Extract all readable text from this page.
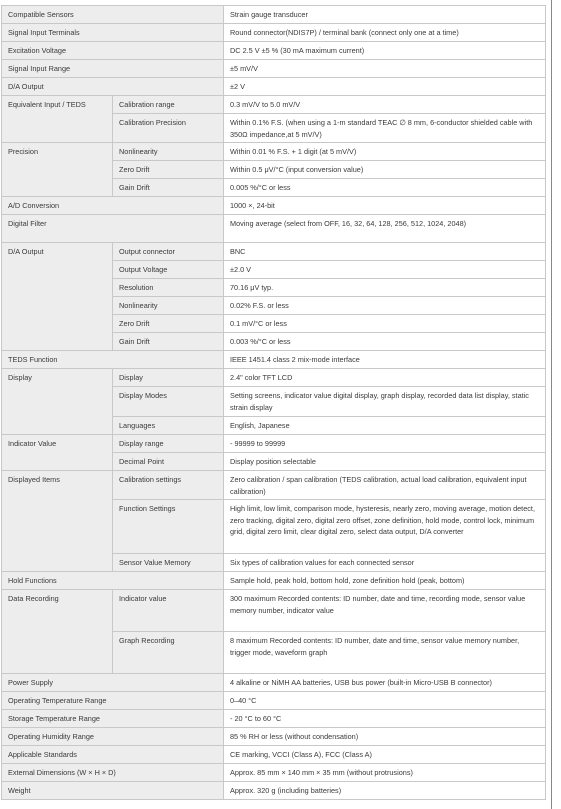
Compatible Sensors		Strain gauge transducer
Signal Input Terminals		Round connector(NDIS7P) / terminal bank (connect only one at a time)
Excitation Voltage		DC 2.5 V ±5 % (30 mA maximum current)
Signal Input Range		±5 mV/V
D/A Output		±2 V
Equivalent Input / TEDS	Calibration range	0.3 mV/V to 5.0 mV/V
	Calibration Precision	Within 0.1% F.S. (when using a 1-m standard TEAC ∅ 8 mm, 6-conductor shielded cable with 350Ω impedance,at 5 mV/V)
Precision	Nonlinearity	Within 0.01 % F.S. + 1 digit (at 5 mV/V)
	Zero Drift	Within 0.5 μV/°C (input conversion value)
	Gain Drift	0.005 %/°C or less
A/D Conversion		1000 ×, 24-bit
Digital Filter		Moving average (select from OFF, 16, 32, 64, 128, 256, 512, 1024, 2048)
D/A Output	Output connector	BNC
	Output Voltage	±2.0 V
	Resolution	70.16 μV typ.
	Nonlinearity	0.02% F.S. or less
	Zero Drift	0.1 mV/°C or less
	Gain Drift	0.003 %/°C or less
TEDS Function		IEEE 1451.4 class 2 mix-mode interface
Display	Display	2.4" color TFT LCD
	Display Modes	Setting screens, indicator value digital display, graph display, recorded data list display, static strain display
	Languages	English, Japanese
Indicator Value	Display range	- 99999 to 99999
	Decimal Point	Display position selectable
Displayed Items	Calibration settings	Zero calibration / span calibration (TEDS calibration, actual load calibration, equivalent input calibration)
	Function Settings	High limit, low limit, comparison mode, hysteresis, nearly zero, moving average, motion detect, zero tracking, digital zero, digital zero offset, zone definition, hold mode, control lock, minimum grid, digital zero limit, clear digital zero, select data output, D/A converter
	Sensor Value Memory	Six types of calibration values for each connected sensor
Hold Functions		Sample hold, peak hold, bottom hold, zone definition hold (peak, bottom)
Data Recording	Indicator value	300 maximum Recorded contents: ID number, date and time, recording mode, sensor value memory number, indicator value
	Graph Recording	8 maximum Recorded contents: ID number, date and time, sensor value memory number, trigger mode, waveform graph
Power Supply		4 alkaline or NiMH AA batteries, USB bus power (built-in Micro-USB B connector)
Operating Temperature Range		0–40 °C
Storage Temperature Range		- 20 °C to 60 °C
Operating Humidity Range		85 % RH or less (without condensation)
Applicable Standards		CE marking, VCCI (Class A), FCC (Class A)
External Dimensions (W × H × D)		Approx. 85 mm × 140 mm × 35 mm (without protrusions)
Weight		Approx. 320 g (including batteries)
